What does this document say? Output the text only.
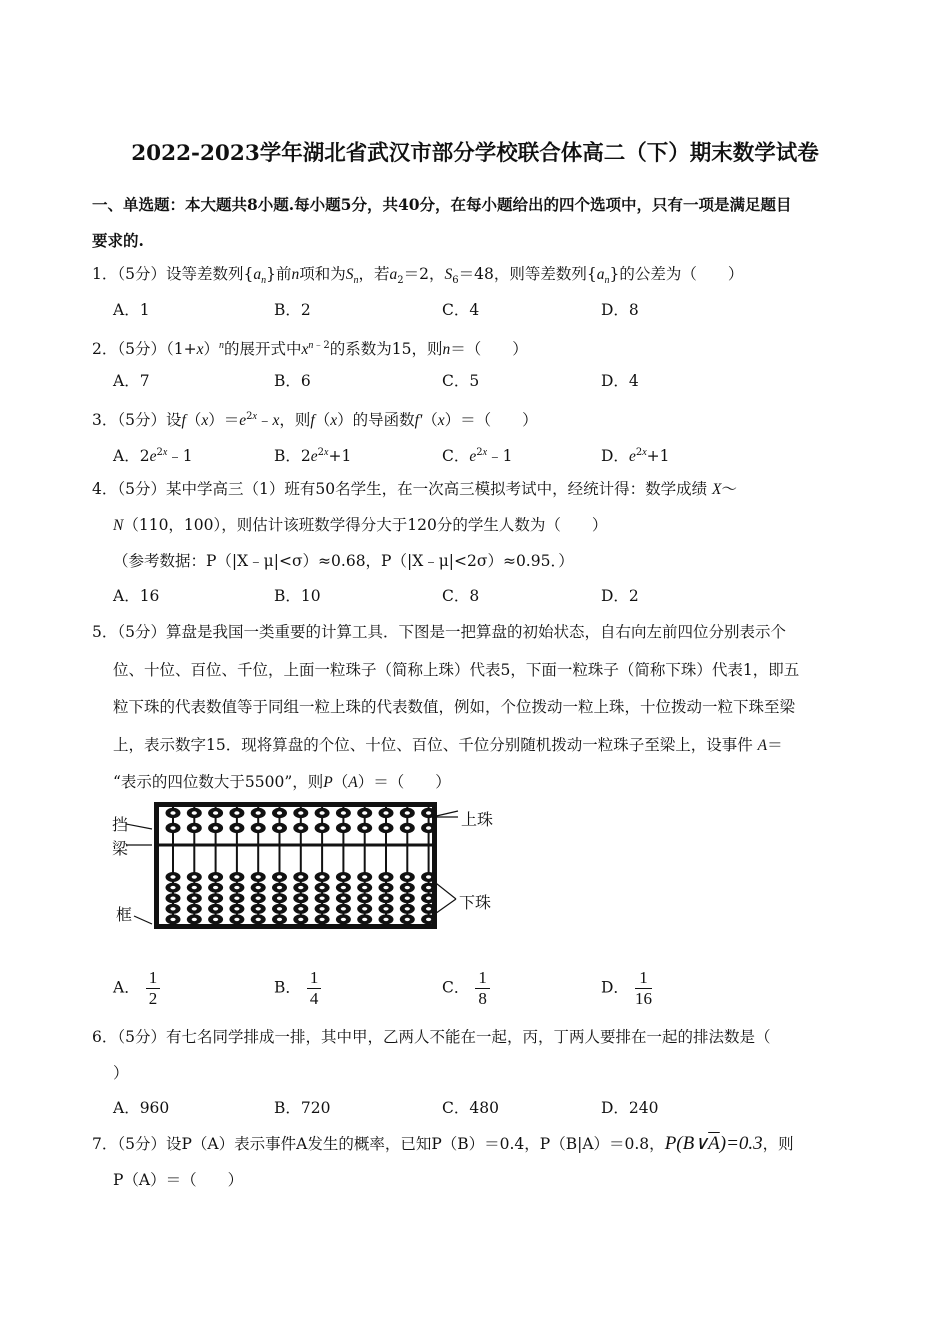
2022-2023学年湖北省武汉市部分学校联合体高二（下）期末数学试卷
一、单选题：本大题共8小题.每小题5分，共40分，在每小题给出的四个选项中，只有一项是满足题目
要求的.
1．（5分）设等差数列$\{a_n\}$前n项和为$S_n$，若$a_2=2$，$S_6=48$，则等差数列$\{a_n\}$的公差为（　　）
A．1	B．2	C．4	D．8
2．（5分）$(1+x)^n$的展开式中$x^{n﹣2}$的系数为15，则n＝（　　）
A．7	B．6	C．5	D．4
3．（5分）设$f(x)=e^{2x}﹣x$，则f（x）的导函数f'（x）＝（　　）
A．$2e^{2x}﹣1$	B．$2e^{2x}+1$	C．$e^{2x}﹣1$	D．$e^{2x}+1$
4．（5分）某中学高三（1）班有50名学生，在一次高三模拟考试中，经统计得：数学成绩 X～
N（110，100），则估计该班数学得分大于120分的学生人数为（　　）
（参考数据：P（|X﹣μ|<σ）≈0.68，P（|X﹣μ|<2σ）≈0.95．）
A．16	B．10	C．8	D．2
5．（5分）算盘是我国一类重要的计算工具．下图是一把算盘的初始状态，自右向左前四位分别表示个
位、十位、百位、千位，上面一粒珠子（简称上珠）代表5，下面一粒珠子（简称下珠）代表1，即五
粒下珠的代表数值等于同组一粒上珠的代表数值，例如，个位拨动一粒上珠，十位拨动一粒下珠至梁
上，表示数字15．现将算盘的个位、十位、百位、千位分别随机拨动一粒珠子至梁上，设事件 A＝
“表示的四位数大于5500”，则P（A）＝（　　）
挡
梁
框
上珠
下珠
A． $\frac{1}{2}$	B． $\frac{1}{4}$	C． $\frac{1}{8}$	D． $\frac{1}{16}$
6．（5分）有七名同学排成一排，其中甲，乙两人不能在一起，丙，丁两人要排在一起的排法数是（
）
A．960	B．720	C．480	D．240
7．（5分）设P（A）表示事件A发生的概率，已知P（B）＝0.4，P（B|A）＝0.8，$P(B\vee\overline{A})=0.3$，则
P（A）＝（　　）
